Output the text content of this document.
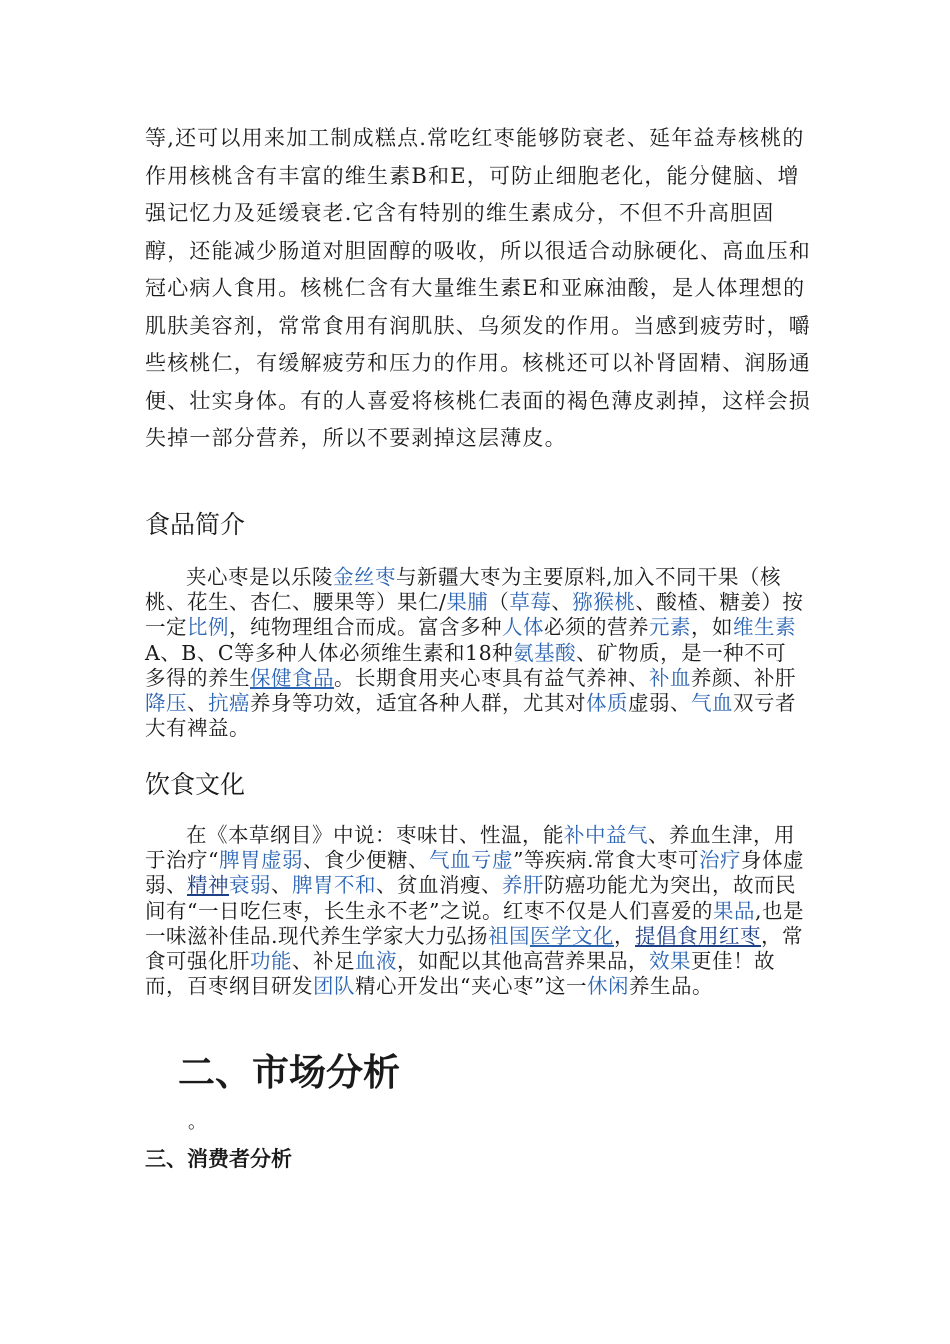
等,还可以用来加工制成糕点.常吃红枣能够防衰老、延年益寿核桃的作用核桃含有丰富的维生素B和E，可防止细胞老化，能分健脑、增强记忆力及延缓衰老.它含有特别的维生素成分，不但不升高胆固醇，还能减少肠道对胆固醇的吸收，所以很适合动脉硬化、高血压和冠心病人食用。核桃仁含有大量维生素E和亚麻油酸，是人体理想的肌肤美容剂，常常食用有润肌肤、乌须发的作用。当感到疲劳时，嚼些核桃仁，有缓解疲劳和压力的作用。核桃还可以补肾固精、润肠通便、壮实身体。有的人喜爱将核桃仁表面的褐色薄皮剥掉，这样会损失掉一部分营养，所以不要剥掉这层薄皮。

食品简介

夹心枣是以乐陵金丝枣与新疆大枣为主要原料,加入不同干果（核桃、花生、杏仁、腰果等）果仁/果脯（草莓、猕猴桃、酸楂、糖姜）按一定比例，纯物理组合而成。富含多种人体必须的营养元素，如维生素A、B、C等多种人体必须维生素和18种氨基酸、矿物质，是一种不可多得的养生保健食品。长期食用夹心枣具有益气养神、补血养颜、补肝降压、抗癌养身等功效，适宜各种人群，尤其对体质虚弱、气血双亏者大有裨益。

饮食文化

在《本草纲目》中说：枣味甘、性温，能补中益气、养血生津，用于治疗“脾胃虚弱、食少便糖、气血亏虚”等疾病.常食大枣可治疗身体虚弱、精神衰弱、脾胃不和、贫血消瘦、养肝防癌功能尤为突出，故而民间有“一日吃仨枣，长生永不老”之说。红枣不仅是人们喜爱的果品,也是一味滋补佳品.现代养生学家大力弘扬祖国医学文化，提倡食用红枣，常食可强化肝功能、补足血液，如配以其他高营养果品，效果更佳！故而，百枣纲目研发团队精心开发出“夹心枣”这一休闲养生品。

二、市场分析
。
三、消费者分析
